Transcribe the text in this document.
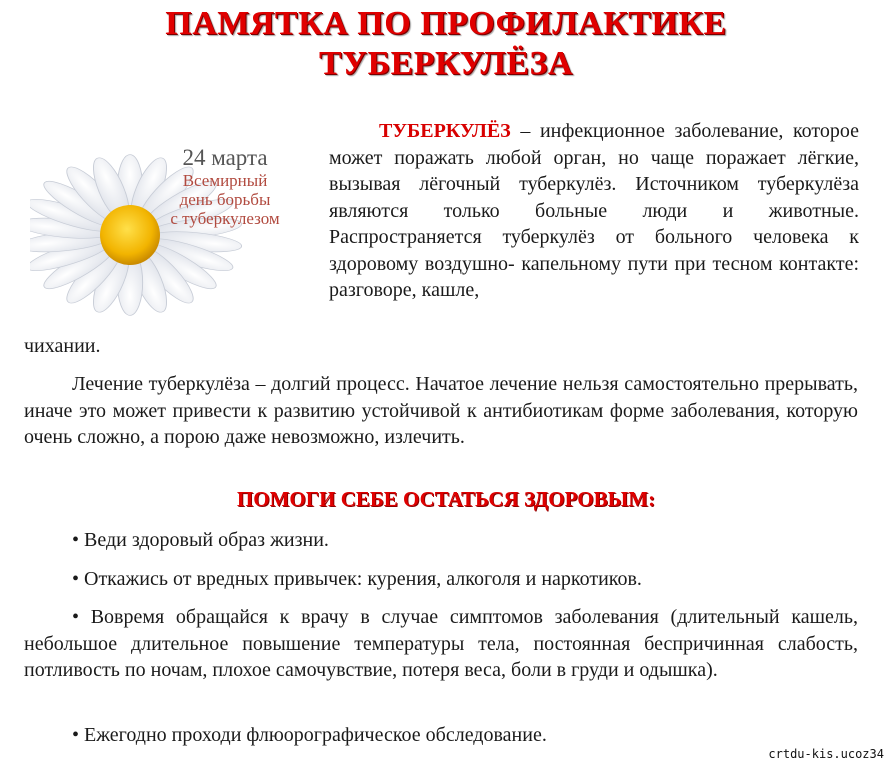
ПАМЯТКА ПО ПРОФИЛАКТИКЕ
ТУБЕРКУЛЁЗА
24 марта
Всемирный
день борьбы
с туберкулезом
ТУБЕРКУЛЁЗ – инфекционное заболевание, которое может поражать любой орган, но чаще поражает лёгкие, вызывая лёгочный туберкулёз. Источником туберкулёза являются только больные люди и животные. Распространяется туберкулёз от больного человека к здоровому воздушно- капельному пути при тесном контакте: разговоре, кашле,
чихании.
Лечение туберкулёза – долгий процесс. Начатое лечение нельзя самостоятельно прерывать, иначе это может привести к развитию устойчивой к антибиотикам форме заболевания, которую очень сложно, а порою даже невозможно, излечить.
ПОМОГИ СЕБЕ ОСТАТЬСЯ ЗДОРОВЫМ:
• Веди здоровый образ жизни.
• Откажись от вредных привычек: курения, алкоголя и наркотиков.
• Вовремя обращайся к врачу в случае симптомов заболевания (длительный кашель, небольшое длительное повышение температуры тела, постоянная беспричинная слабость, потливость по ночам, плохое самочувствие, потеря веса, боли в груди и одышка).
• Ежегодно проходи флюорографическое обследование.
crtdu-kis.ucoz34
